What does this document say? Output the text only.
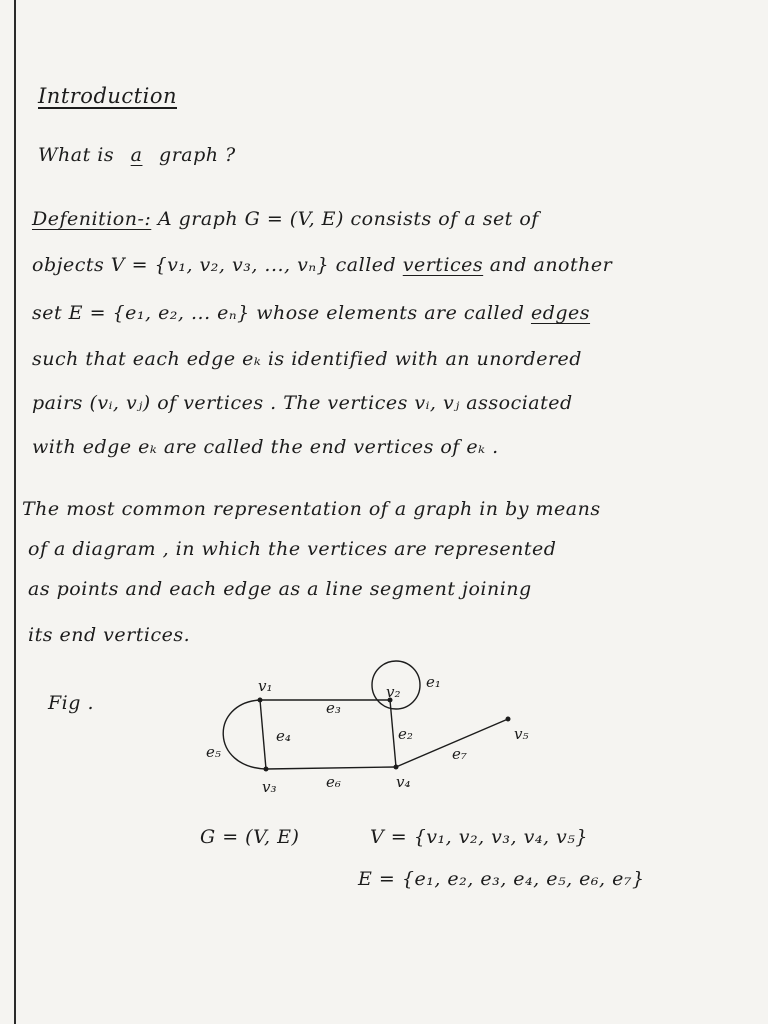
Introduction
What is a graph ?
Defenition-: A graph G = (V, E) consists of a set of
objects V = {v₁, v₂, v₃, ..., vₙ} called vertices and another
set E = {e₁, e₂, ... eₙ} whose elements are called edges
such that each edge eₖ is identified with an unordered
pairs (vᵢ, vⱼ) of vertices . The vertices vᵢ, vⱼ associated
with edge eₖ are called the end vertices of eₖ .
The most common representation of a graph in by means
of a diagram , in which the vertices are represented
as points and each edge as a line segment joining
its end vertices.
Fig .
v₁	v₂
v₃	v₄
v₅
e₁
e₂
e₃
e₄
e₅
e₆
e₇
G = (V, E)	V = {v₁, v₂, v₃, v₄, v₅}
E = {e₁, e₂, e₃, e₄, e₅, e₆, e₇}
